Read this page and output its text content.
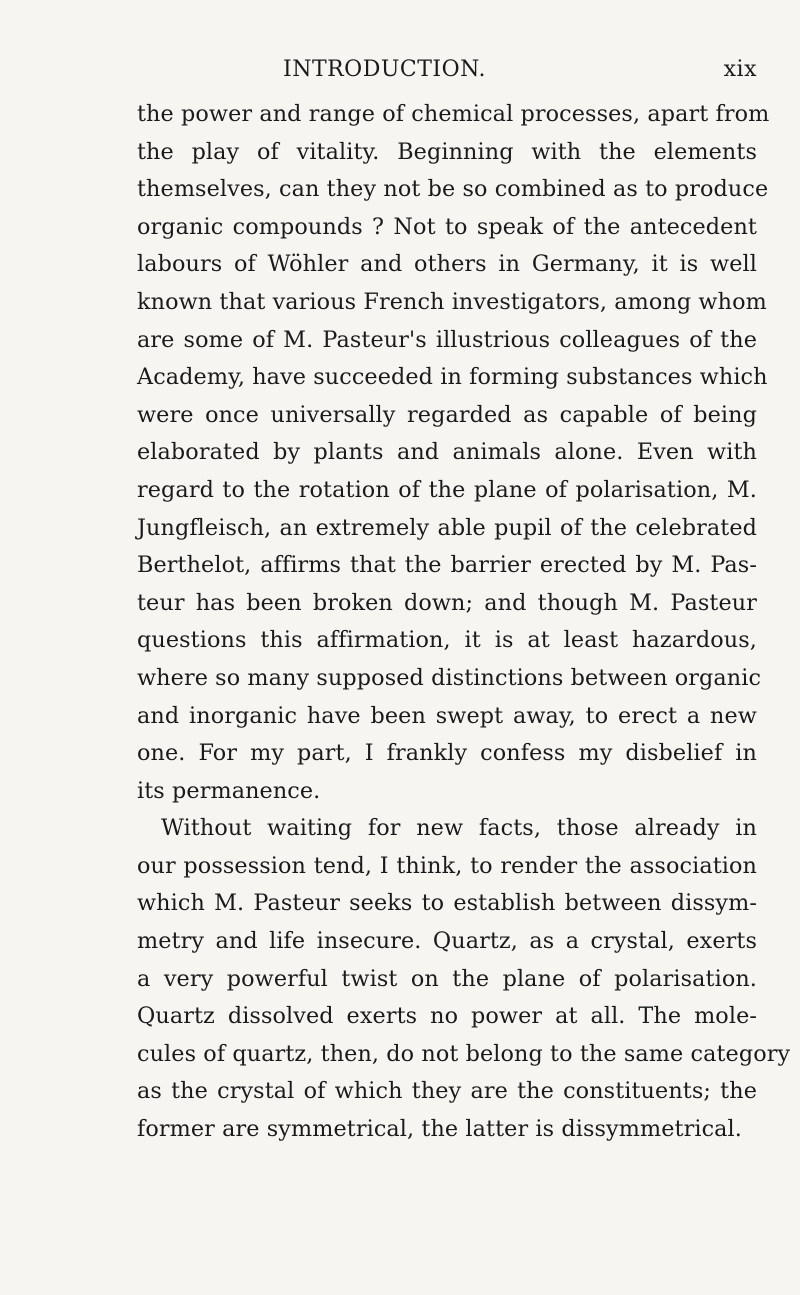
INTRODUCTION.	xix
the power and range of chemical processes, apart from
the play of vitality. Beginning with the elements
themselves, can they not be so combined as to produce
organic compounds ? Not to speak of the antecedent
labours of Wöhler and others in Germany, it is well
known that various French investigators, among whom
are some of M. Pasteur's illustrious colleagues of the
Academy, have succeeded in forming substances which
were once universally regarded as capable of being
elaborated by plants and animals alone. Even with
regard to the rotation of the plane of polarisation, M.
Jungfleisch, an extremely able pupil of the celebrated
Berthelot, affirms that the barrier erected by M. Pas-
teur has been broken down; and though M. Pasteur
questions this affirmation, it is at least hazardous,
where so many supposed distinctions between organic
and inorganic have been swept away, to erect a new
one. For my part, I frankly confess my disbelief in
its permanence.
Without waiting for new facts, those already in
our possession tend, I think, to render the association
which M. Pasteur seeks to establish between dissym-
metry and life insecure. Quartz, as a crystal, exerts
a very powerful twist on the plane of polarisation.
Quartz dissolved exerts no power at all. The mole-
cules of quartz, then, do not belong to the same category
as the crystal of which they are the constituents; the
former are symmetrical, the latter is dissymmetrical.
